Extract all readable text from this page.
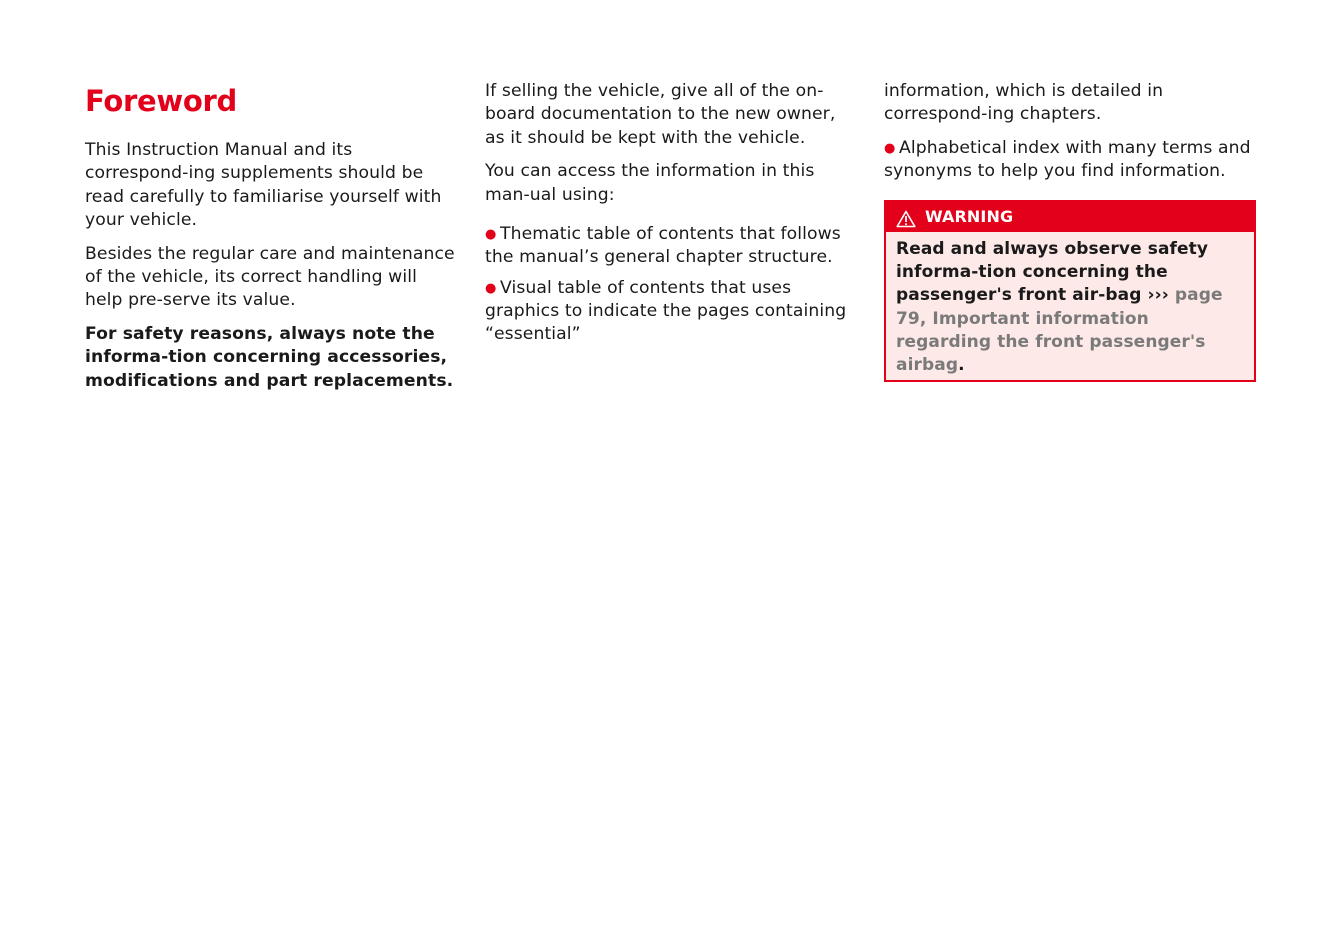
Foreword

This Instruction Manual and its correspond-ing supplements should be read carefully to familiarise yourself with your vehicle.

Besides the regular care and maintenance of the vehicle, its correct handling will help pre-serve its value.

For safety reasons, always note the informa-tion concerning accessories, modifications and part replacements.

If selling the vehicle, give all of the on-board documentation to the new owner, as it should be kept with the vehicle.

You can access the information in this man-ual using:

● Thematic table of contents that follows the manual’s general chapter structure.

● Visual table of contents that uses graphics to indicate the pages containing “essential”

information, which is detailed in correspond-ing chapters.

● Alphabetical index with many terms and synonyms to help you find information.

WARNING
Read and always observe safety informa-tion concerning the passenger's front air-bag ››› page 79, Important information regarding the front passenger's airbag.
